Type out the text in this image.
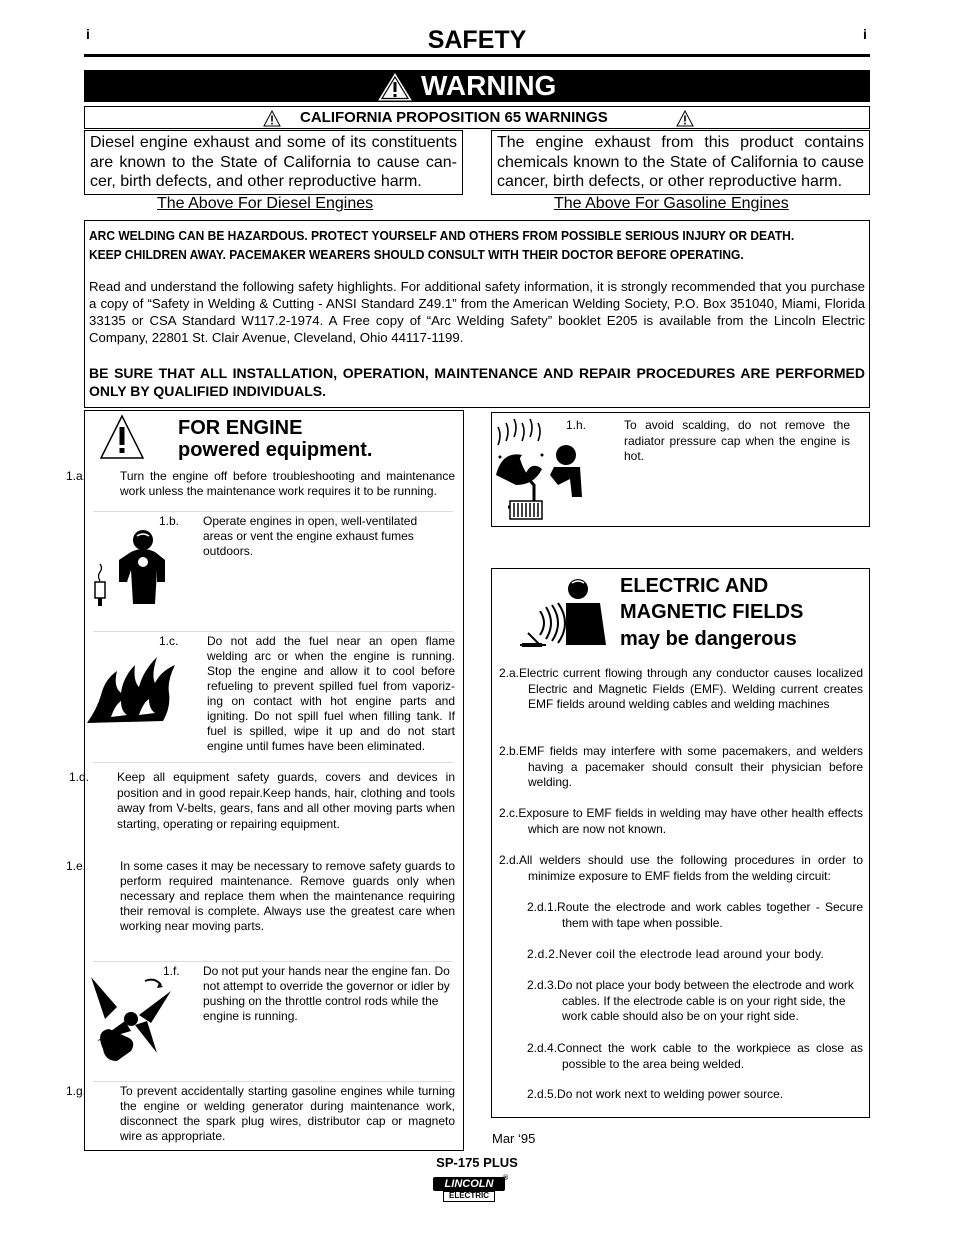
i	i
SAFETY
WARNING
CALIFORNIA PROPOSITION 65 WARNINGS
Diesel engine exhaust and some of its constituents are known to the State of California to cause can-cer, birth defects, and other reproductive harm.
The engine exhaust from this product contains chemicals known to the State of California to cause cancer, birth defects, or other reproductive harm.
The Above For Diesel Engines	The Above For Gasoline Engines
ARC WELDING CAN BE HAZARDOUS. PROTECT YOURSELF AND OTHERS FROM POSSIBLE SERIOUS INJURY OR DEATH.
KEEP CHILDREN AWAY. PACEMAKER WEARERS SHOULD CONSULT WITH THEIR DOCTOR BEFORE OPERATING.
Read and understand the following safety highlights. For additional safety information, it is strongly recommended that you purchase a copy of “Safety in Welding & Cutting - ANSI Standard Z49.1” from the American Welding Society, P.O. Box 351040, Miami, Florida 33135 or CSA Standard W117.2-1974. A Free copy of “Arc Welding Safety” booklet E205 is available from the Lincoln Electric Company, 22801 St. Clair Avenue, Cleveland, Ohio 44117-1199.
BE SURE THAT ALL INSTALLATION, OPERATION, MAINTENANCE AND REPAIR PROCEDURES ARE PERFORMED ONLY BY QUALIFIED INDIVIDUALS.
FOR ENGINE
powered equipment.
1.a.	Turn the engine off before troubleshooting and maintenance work unless the maintenance work requires it to be running.
1.b. Operate engines in open, well-ventilated areas or vent the engine exhaust fumes outdoors.
1.c. Do not add the fuel near an open flame welding arc or when the engine is running. Stop the engine and allow it to cool before refueling to prevent spilled fuel from vaporiz-ing on contact with hot engine parts and igniting. Do not spill fuel when filling tank. If fuel is spilled, wipe it up and do not start engine until fumes have been eliminated.
1.d. Keep all equipment safety guards, covers and devices in position and in good repair.Keep hands, hair, clothing and tools away from V-belts, gears, fans and all other moving parts when starting, operating or repairing equipment.
1.e.	In some cases it may be necessary to remove safety guards to perform required maintenance. Remove guards only when necessary and replace them when the maintenance requiring their removal is complete. Always use the greatest care when working near moving parts.
1.f. Do not put your hands near the engine fan. Do not attempt to override the governor or idler by pushing on the throttle control rods while the engine is running.
1.g.	To prevent accidentally starting gasoline engines while turning the engine or welding generator during maintenance work, disconnect the spark plug wires, distributor cap or magneto wire as appropriate.
1.h.	To avoid scalding, do not remove the radiator pressure cap when the engine is hot.
ELECTRIC AND
MAGNETIC FIELDS
may be dangerous
2.a.Electric current flowing through any conductor causes localized Electric and Magnetic Fields (EMF). Welding current creates EMF fields around welding cables and welding machines
2.b.EMF fields may interfere with some pacemakers, and welders having a pacemaker should consult their physician before welding.
2.c.Exposure to EMF fields in welding may have other health effects which are now not known.
2.d.All welders should use the following procedures in order to minimize exposure to EMF fields from the welding circuit:
2.d.1.Route the electrode and work cables together - Secure them with tape when possible.
2.d.2.Never coil the electrode lead around your body.
2.d.3.Do not place your body between the electrode and work cables. If the electrode cable is on your right side, the work cable should also be on your right side.
2.d.4.Connect the work cable to the workpiece as close as possible to the area being welded.
2.d.5.Do not work next to welding power source.
Mar ‘95
SP-175 PLUS
LINCOLN	®
ELECTRIC
